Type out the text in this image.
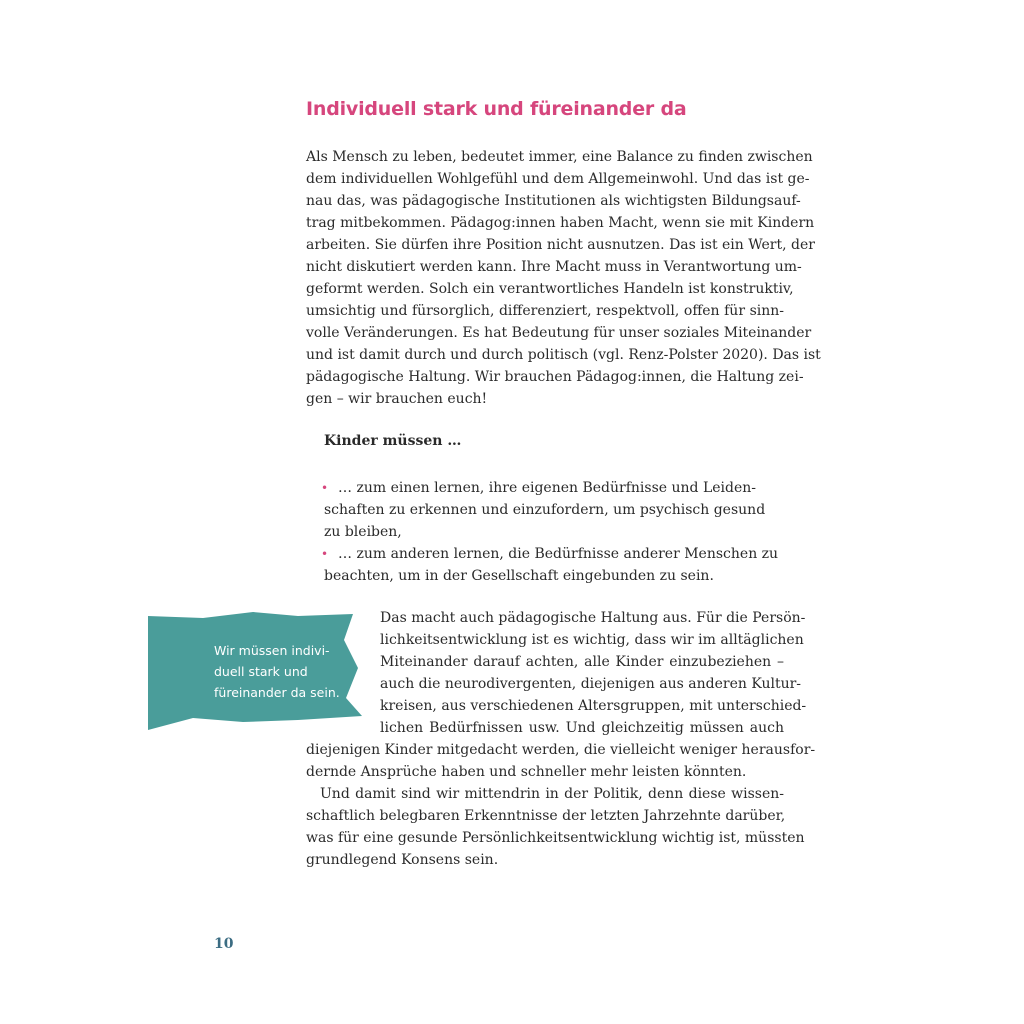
Individuell stark und füreinander da

Als Mensch zu leben, bedeutet immer, eine Balance zu finden zwischen
dem individuellen Wohlgefühl und dem Allgemeinwohl. Und das ist ge-
nau das, was pädagogische Institutionen als wichtigsten Bildungsauf-
trag mitbekommen. Pädagog:innen haben Macht, wenn sie mit Kindern
arbeiten. Sie dürfen ihre Position nicht ausnutzen. Das ist ein Wert, der
nicht diskutiert werden kann. Ihre Macht muss in Verantwortung um-
geformt werden. Solch ein verantwortliches Handeln ist konstruktiv,
umsichtig und fürsorglich, differenziert, respektvoll, offen für sinn-
volle Veränderungen. Es hat Bedeutung für unser soziales Miteinander
und ist damit durch und durch politisch (vgl. Renz-Polster 2020). Das ist
pädagogische Haltung. Wir brauchen Pädagog:innen, die Haltung zei-
gen – wir brauchen euch!

Kinder müssen …

• … zum einen lernen, ihre eigenen Bedürfnisse und Leiden-
schaften zu erkennen und einzufordern, um psychisch gesund
zu bleiben,
• … zum anderen lernen, die Bedürfnisse anderer Menschen zu
beachten, um in der Gesellschaft eingebunden zu sein.
Wir müssen indivi-
duell stark und
füreinander da sein.

Das macht auch pädagogische Haltung aus. Für die Persön-
lichkeitsentwicklung ist es wichtig, dass wir im alltäglichen
Miteinander darauf achten, alle Kinder einzubeziehen –
auch die neurodivergenten, diejenigen aus anderen Kultur-
kreisen, aus verschiedenen Altersgruppen, mit unterschied-
lichen Bedürfnissen usw. Und gleichzeitig müssen auch
diejenigen Kinder mitgedacht werden, die vielleicht weniger herausfor-
dernde Ansprüche haben und schneller mehr leisten könnten.

Und damit sind wir mittendrin in der Politik, denn diese wissen-
schaftlich belegbaren Erkenntnisse der letzten Jahrzehnte darüber,
was für eine gesunde Persönlichkeitsentwicklung wichtig ist, müssten
grundlegend Konsens sein.

10
